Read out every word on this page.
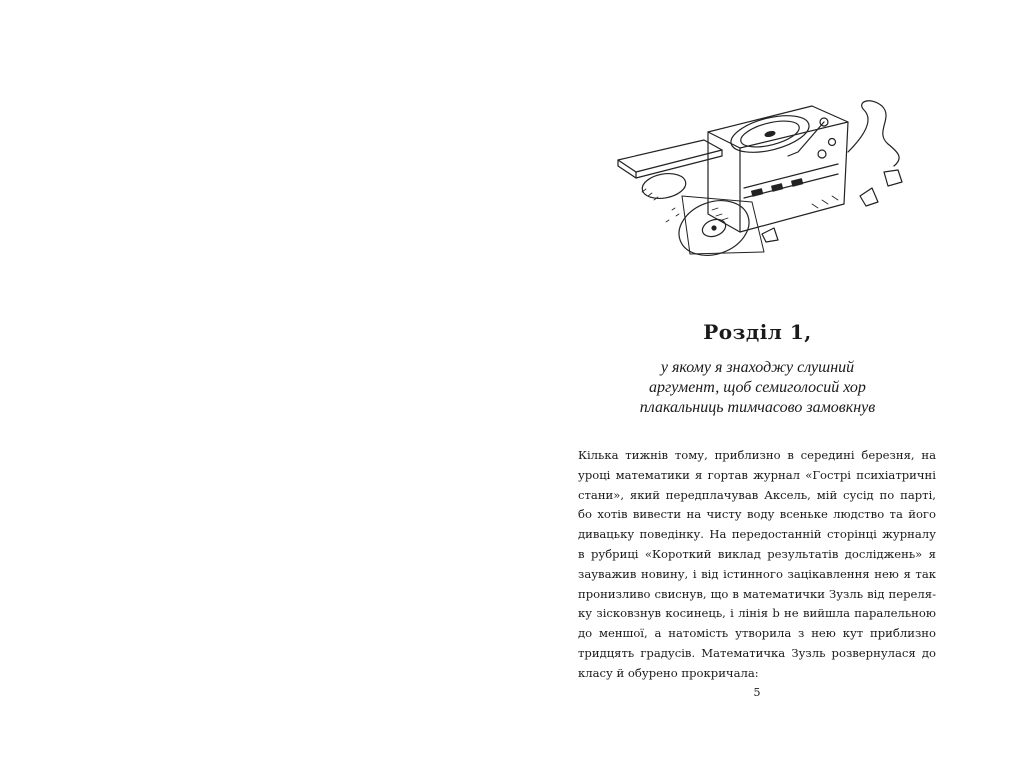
Розділ 1,
у якому я знаходжу слушний
аргумент, щоб семиголосий хор
плакальниць тимчасово замовкнув
Кілька тижнів тому, приблизно в середині березня, на
уроці математики я гортав журнал «Гострі психіатричні
стани», який передплачував Аксель, мій сусід по парті,
бо хотів вивести на чисту воду всеньке людство та його
дивацьку поведінку. На передостанній сторінці журналу
в рубриці «Короткий виклад результатів досліджень» я
зауважив новину, і від істинного зацікавлення нею я так
пронизливо свиснув, що в математички Зузль від переля-
ку зісковзнув косинець, і лінія b не вийшла паралельною
до меншої, а натомість утворила з нею кут приблизно
тридцять градусів. Математичка Зузль розвернулася до
класу й обурено прокричала:
5
